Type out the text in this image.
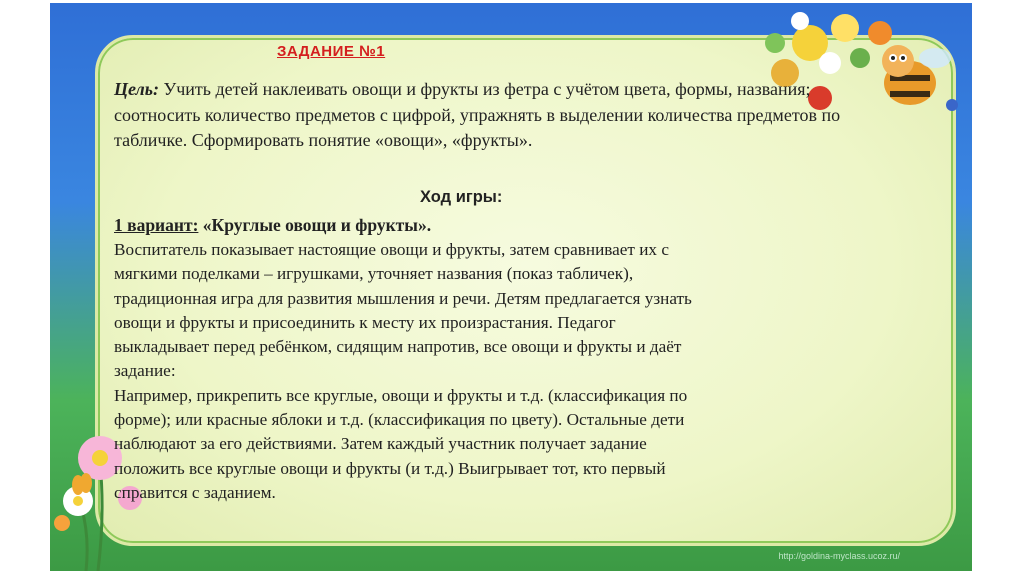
http://goldina-myclass.ucoz.ru/
ЗАДАНИЕ №1
Цель: Учить детей наклеивать овощи и фрукты из фетра с учётом цвета, формы, названия; соотносить количество предметов с цифрой, упражнять в выделении количества предметов по табличке. Сформировать понятие «овощи», «фрукты».
Ход игры:
1 вариант: «Круглые овощи и фрукты».
Воспитатель показывает настоящие овощи и фрукты, затем сравнивает их с
мягкими поделками – игрушками, уточняет названия (показ табличек),
традиционная игра для развития мышления и речи. Детям предлагается узнать
овощи и фрукты и присоединить к месту их произрастания. Педагог
выкладывает перед ребёнком, сидящим напротив, все овощи и фрукты и даёт
задание:
Например, прикрепить все круглые, овощи и фрукты и т.д. (классификация по
форме); или красные яблоки и т.д. (классификация по цвету). Остальные дети
наблюдают за его действиями. Затем каждый участник получает задание
положить все круглые овощи и фрукты (и т.д.) Выигрывает тот, кто первый
справится с заданием.
